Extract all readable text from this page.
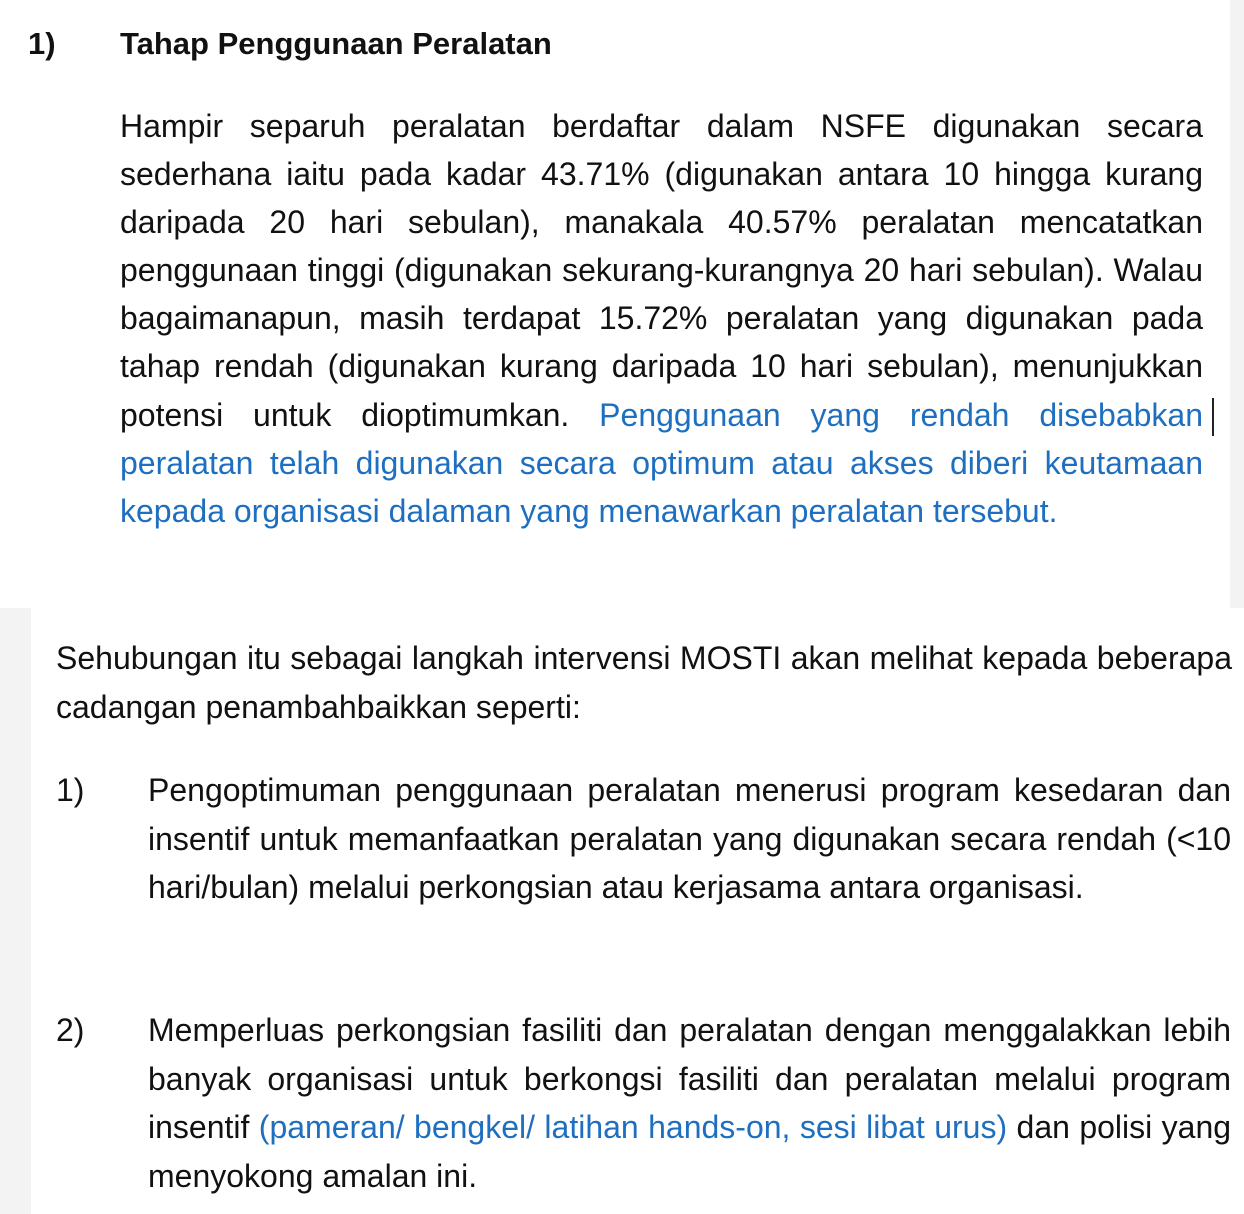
1) Tahap Penggunaan Peralatan

Hampir separuh peralatan berdaftar dalam NSFE digunakan secara sederhana iaitu pada kadar 43.71% (digunakan antara 10 hingga kurang daripada 20 hari sebulan), manakala 40.57% peralatan mencatatkan penggunaan tinggi (digunakan sekurang-kurangnya 20 hari sebulan). Walau bagaimanapun, masih terdapat 15.72% peralatan yang digunakan pada tahap rendah (digunakan kurang daripada 10 hari sebulan), menunjukkan potensi untuk dioptimumkan. Penggunaan yang rendah disebabkan peralatan telah digunakan secara optimum atau akses diberi keutamaan kepada organisasi dalaman yang menawarkan peralatan tersebut.

Sehubungan itu sebagai langkah intervensi MOSTI akan melihat kepada beberapa cadangan penambahbaikkan seperti:

1) Pengoptimuman penggunaan peralatan menerusi program kesedaran dan insentif untuk memanfaatkan peralatan yang digunakan secara rendah (<10 hari/bulan) melalui perkongsian atau kerjasama antara organisasi.

2) Memperluas perkongsian fasiliti dan peralatan dengan menggalakkan lebih banyak organisasi untuk berkongsi fasiliti dan peralatan melalui program insentif (pameran/ bengkel/ latihan hands-on, sesi libat urus) dan polisi yang menyokong amalan ini.
